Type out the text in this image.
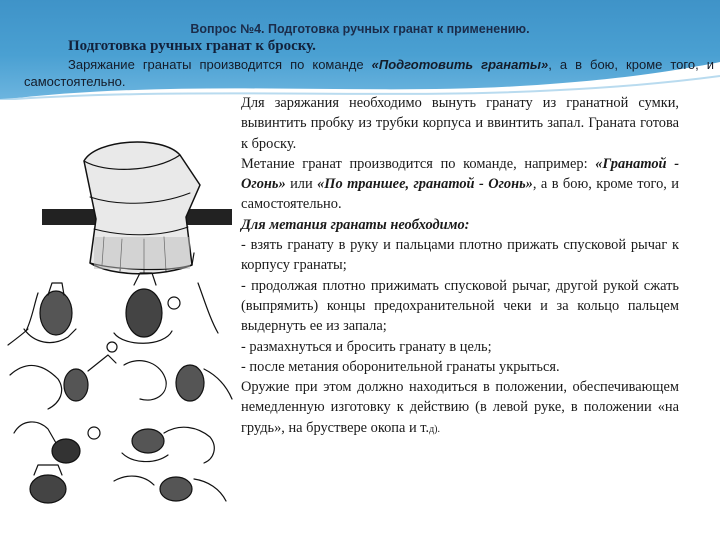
Вопрос №4. Подготовка ручных гранат к применению.
Подготовка ручных гранат к броску.
Заряжание гранаты производится по команде «Подготовить гранаты», а в бою, кроме того, и самостоятельно.

Для заряжания необходимо вынуть гранату из гранатной сумки, вывинтить пробку из трубки корпуса и ввинтить запал. Граната готова к броску.

Метание гранат производится по команде, например: «Гранатой - Огонь» или «По траншее, гранатой - Огонь», а в бою, кроме того, и самостоятельно.

Для метания гранаты необходимо:

- взять гранату в руку и пальцами плотно прижать спусковой рычаг к корпусу гранаты;

- продолжая плотно прижимать спусковой рычаг, другой рукой сжать (выпрямить) концы предохранительной чеки и за кольцо пальцем выдернуть ее из запала;

- размахнуться и бросить гранату в цель;

- после метания оборонительной гранаты укрыться.

Оружие при этом должно находиться в положении, обеспечивающем немедленную изготовку к действию (в левой руке, в положении «на грудь», на бруствере окопа и т.д).
